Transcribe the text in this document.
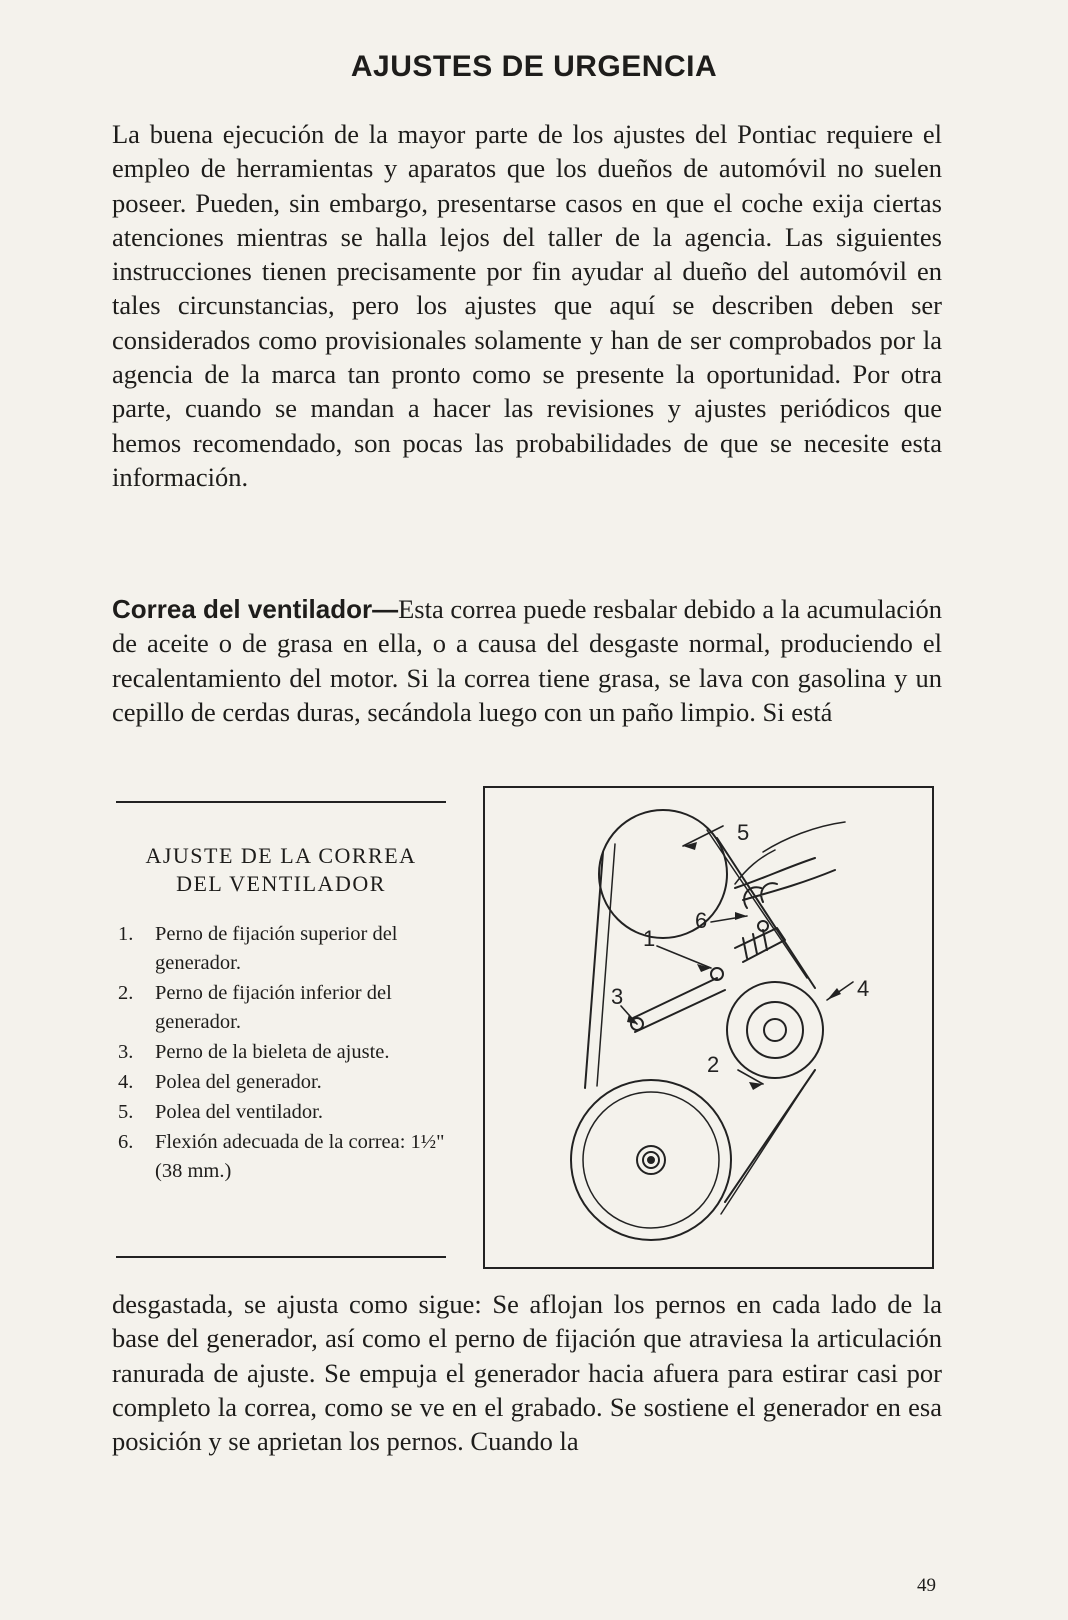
AJUSTES DE URGENCIA

La buena ejecución de la mayor parte de los ajustes del Pontiac requiere el empleo de herramientas y aparatos que los dueños de automóvil no suelen poseer. Pueden, sin embargo, presentarse casos en que el coche exija ciertas atenciones mientras se halla lejos del taller de la agencia. Las siguientes instrucciones tienen precisamente por fin ayudar al dueño del automóvil en tales circunstancias, pero los ajustes que aquí se describen deben ser considerados como provisionales solamente y han de ser comprobados por la agencia de la marca tan pronto como se presente la oportunidad. Por otra parte, cuando se mandan a hacer las revisiones y ajustes periódicos que hemos recomendado, son pocas las probabilidades de que se necesite esta información.

Correa del ventilador—Esta correa puede resbalar debido a la acumulación de aceite o de grasa en ella, o a causa del desgaste normal, produciendo el recalentamiento del motor. Si la correa tiene grasa, se lava con gasolina y un cepillo de cerdas duras, secándola luego con un paño limpio. Si está

AJUSTE DE LA CORREA
DEL VENTILADOR
1. Perno de fijación superior del generador.
2. Perno de fijación inferior del generador.
3. Perno de la bieleta de ajuste.
4. Polea del generador.
5. Polea del ventilador.
6. Flexión adecuada de la correa: 1½" (38 mm.)
1
2
3	4
5
6

desgastada, se ajusta como sigue: Se aflojan los pernos en cada lado de la base del generador, así como el perno de fijación que atraviesa la articulación ranurada de ajuste. Se empuja el generador hacia afuera para estirar casi por completo la correa, como se ve en el grabado. Se sostiene el generador en esa posición y se aprietan los pernos. Cuando la

49
